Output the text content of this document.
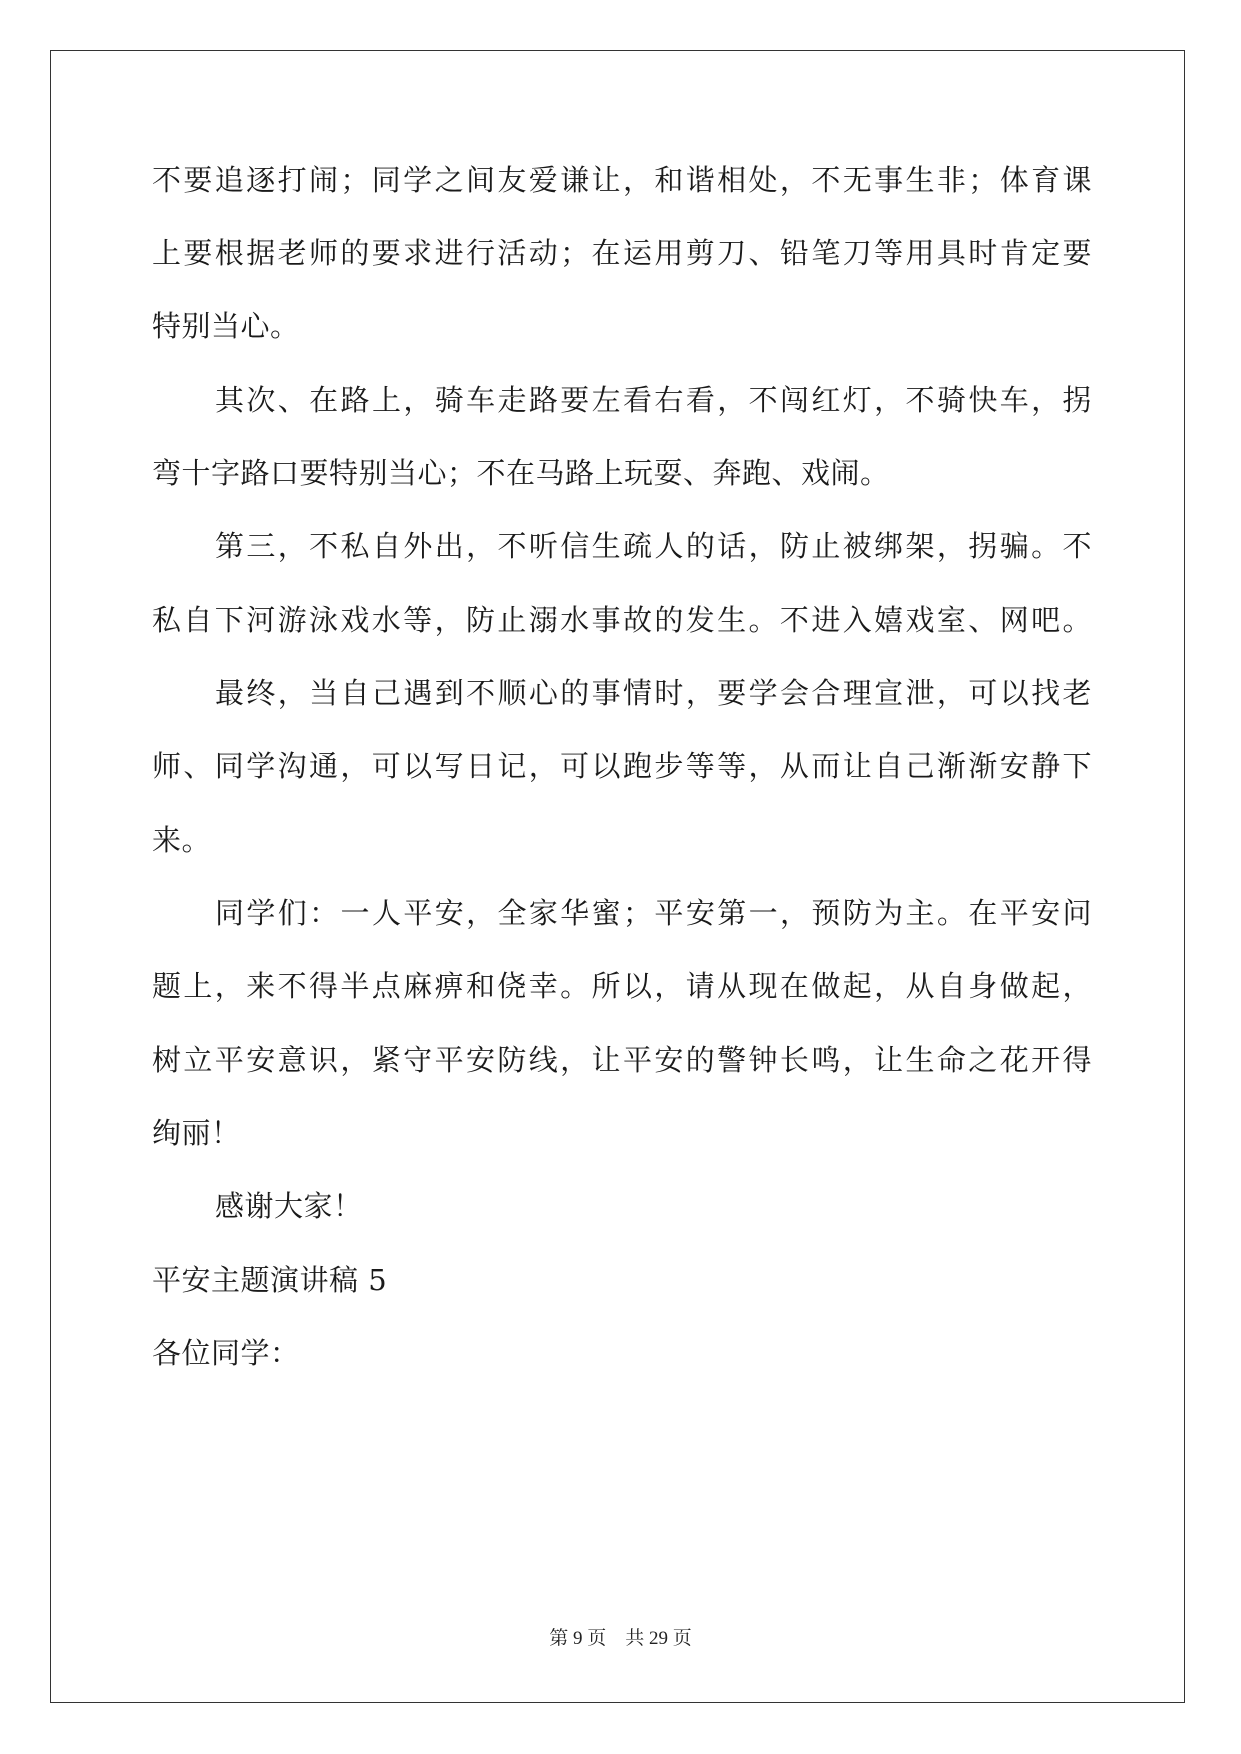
不要追逐打闹；同学之间友爱谦让，和谐相处，不无事生非；体育课
上要根据老师的要求进行活动；在运用剪刀、铅笔刀等用具时肯定要
特别当心。
其次、在路上，骑车走路要左看右看，不闯红灯，不骑快车，拐
弯十字路口要特别当心；不在马路上玩耍、奔跑、戏闹。
第三，不私自外出，不听信生疏人的话，防止被绑架，拐骗。不
私自下河游泳戏水等，防止溺水事故的发生。不进入嬉戏室、网吧。
最终，当自己遇到不顺心的事情时，要学会合理宣泄，可以找老
师、同学沟通，可以写日记，可以跑步等等，从而让自己渐渐安静下
来。
同学们：一人平安，全家华蜜；平安第一，预防为主。在平安问
题上，来不得半点麻痹和侥幸。所以，请从现在做起，从自身做起，
树立平安意识，紧守平安防线，让平安的警钟长鸣，让生命之花开得
绚丽！
感谢大家！
平安主题演讲稿 5
各位同学：
第 9 页　共 29 页
